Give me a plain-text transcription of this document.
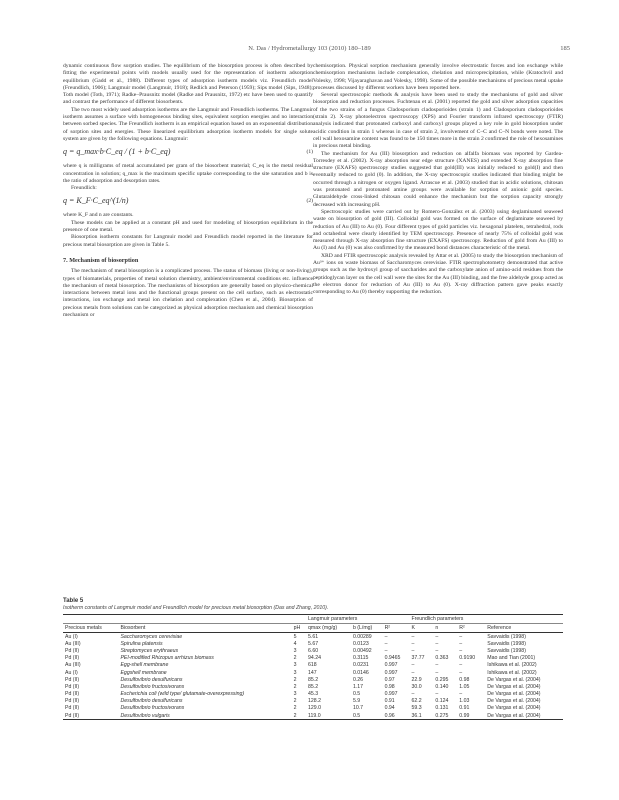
N. Das / Hydrometallurgy 103 (2010) 180–189	185

dynamic continuous flow sorption studies. The equilibrium of the biosorption process is often described by fitting the experimental points with models usually used for the representation of isotherm adsorption equilibrium (Gadd et al., 1988). Different types of adsorption isotherm models viz. Freundlich model (Freundlich, 1906); Langmuir model (Langmuir, 1918); Redlich and Peterson (1959); Sips model (Sips, 1948); Toth model (Toth, 1971); Radke–Prausnitz model (Radke and Prausnitz, 1972) etc have been used to quantify and contrast the performance of different biosorbents.

The two most widely used adsorption isotherms are the Langmuir and Freundlich isotherms. The Langmuir isotherm assumes a surface with homogeneous binding sites, equivalent sorption energies and no interaction between sorbed species. The Freundlich isotherm is an empirical equation based on an exponential distribution of sorption sites and energies. These linearized equilibrium adsorption isotherm models for single solute system are given by the following equations. Langmuir:

(1)
q = q_max·b·C_eq / (1 + b·C_eq)

where q is milligrams of metal accumulated per gram of the biosorbent material; C_eq is the metal residual concentration in solution; q_max is the maximum specific uptake corresponding to the site saturation and b is the ratio of adsorption and desorption rates.

Freundlich:

(2)
q = K_F·C_eq^(1/n)

where K_F and n are constants.

These models can be applied at a constant pH and used for modeling of biosorption equilibrium in the presence of one metal.

Biosorption isotherm constants for Langmuir model and Freundlich model reported in the literature for precious metal biosorption are given in Table 5.

7. Mechanism of biosorption

The mechanism of metal biosorption is a complicated process. The status of biomass (living or non-living), types of biomaterials, properties of metal solution chemistry, ambient/environmental conditions etc. influence the mechanism of metal biosorption. The mechanisms of biosorption are generally based on physico-chemical interactions between metal ions and the functional groups present on the cell surface, such as electrostatic interactions, ion exchange and metal ion chelation and complexation (Chen et al., 2004). Biosorption of precious metals from solutions can be categorized as physical adsorption mechanism and chemical biosorption mechanism or

chemisorption. Physical sorption mechanism generally involve electrostatic forces and ion exchange while chemisorption mechanisms include complexation, chelation and microprecipitation, while (Kratochvil and Volesky, 1998; Vijayaraghavan and Volesky, 1998). Some of the possible mechanisms of precious metal uptake processes discussed by different workers have been reported here.

Several spectroscopic methods & analysis have been used to study the mechanisms of gold and silver biosorption and reduction processes. Fuchtenau et al. (2001) reported the gold and silver adsorption capacities of the two strains of a fungus Cladosporium cladosporioides (strain 1) and Cladosporium cladosporioides (strain 2). X-ray photoelectron spectroscopy (XPS) and Fourier transform infrared spectroscopy (FTIR) analysis indicated that protonated carboxyl and carboxyl groups played a key role in gold biosorption under acidic condition in strain 1 whereas in case of strain 2, involvement of C–C and C–N bonds were noted. The cell wall hexosamine content was found to be 150 times more in the strain 2 confirmed the role of hexosamines in precious metal binding.

The mechanism for Au (III) biosorption and reduction on alfalfa biomass was reported by Gardea-Torresdey et al. (2002). X-ray absorption near edge structure (XANES) and extended X-ray absorption fine structure (EXAFS) spectroscopy studies suggested that gold(III) was initially reduced to gold(I) and then eventually reduced to gold (0). In addition, the X-ray spectroscopic studies indicated that binding might be occurred through a nitrogen or oxygen ligand. Arrascue et al. (2003) studied that in acidic solutions, chitosan was protonated and protonated amine groups were available for sorption of anionic gold species. Glutaraldehyde cross-linked chitosan could enhance the mechanism but the sorption capacity strongly decreased with increasing pH.

Spectroscopic studies were carried out by Romero-González et al. (2003) using deglaminated seaweed waste on biosorption of gold (III). Colloidal gold was formed on the surface of deglaminate seaweed by reduction of Au (III) to Au (0). Four different types of gold particles viz. hexagonal platelets, tetrahedral, rods and octahedral were clearly identified by TEM spectroscopy. Presence of nearly 75% of colloidal gold was measured through X-ray absorption fine structure (EXAFS) spectroscopy. Reduction of gold from Au (III) to Au (I) and Au (0) was also confirmed by the measured bond distances characteristic of the metal.

XRD and FTIR spectroscopic analysis revealed by Attar et al. (2005) to study the biosorption mechanism of Au³⁺ ions on waste biomass of Saccharomyces cerevisiae. FTIR spectrophotometry demonstrated that active groups such as the hydroxyl group of saccharides and the carboxylate anion of amino-acid residues from the peptidoglycan layer on the cell wall were the sites for the Au (III) binding, and the free aldehyde group acted as the electron donor for reduction of Au (III) to Au (0). X-ray diffraction pattern gave peaks exactly corresponding to Au (0) thereby supporting the reduction.

Table 5
Isotherm constants of Langmuir model and Freundlich model for precious metal biosorption (Das and Zhang, 2010).
			Langmuir parameters			Freundlich parameters			
Precious metals	Biosorbent	pH	qmax (mg/g)	b (L/mg)	R²	K	n	R²	Reference
Au (I)	Saccharomyces cerevisiae	5	5.61	0.00289	–	–	–	–	Savvaidis (1998)
Au (III)	Spirulina platensis	4	5.67	0.0123	–	–	–	–	Savvaidis (1998)
Pd (II)	Streptomyces erythraeus	3	6.60	0.00492	–	–	–	–	Savvaidis (1998)
Pd (II)	PEI-modified Rhizopus arrhizus biomass	2	94.24	0.3115	0.9465	37.77	0.363	0.9190	Mao and Tian (2001)
Au (III)	Egg-shell membrane	3	618	0.0231	0.997	–	–	–	Ishikawa et al. (2002)
Au (I)	Eggshell membrane	3	147	0.0146	0.997	–	–	–	Ishikawa et al. (2002)
Pd (II)	Desulfovibrio desulfuricans	2	85.2	0.26	0.97	22.9	0.295	0.98	De Vargas et al. (2004)
Pd (II)	Desulfovibrio fructosivorans	2	85.2	1.17	0.98	30.0	0.140	1.05	De Vargas et al. (2004)
Pd (II)	Escherichia coli (wild type/ glutamate-overexpressing)	3	45.3	0.5	0.997	–	–	–	De Vargas et al. (2004)
Pd (II)	Desulfovibrio desulfuricans	2	128.2	5.9	0.91	62.2	0.124	1.03	De Vargas et al. (2004)
Pd (II)	Desulfovibrio fructosivorans	2	129.0	10.7	0.94	59.3	0.131	0.91	De Vargas et al. (2004)
Pd (II)	Desulfovibrio vulgaris	2	119.0	0.5	0.96	36.1	0.275	0.99	De Vargas et al. (2004)
